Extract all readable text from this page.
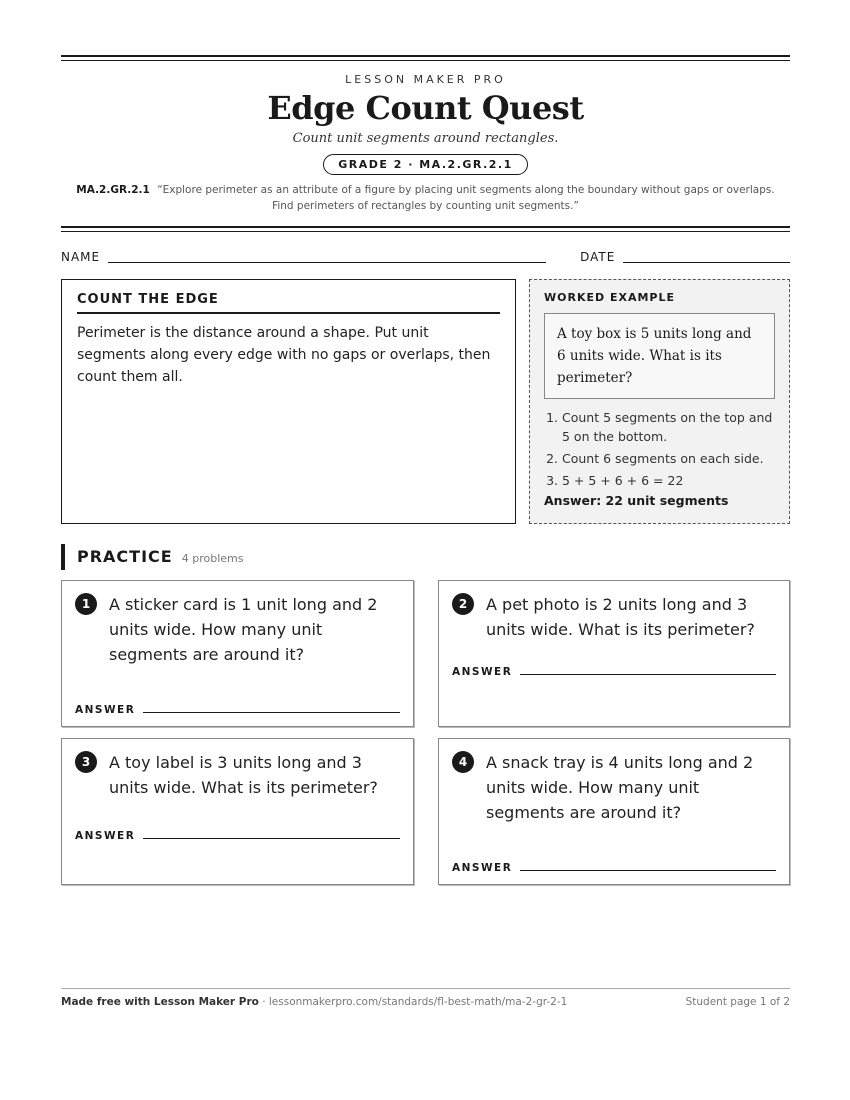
LESSON MAKER PRO
Edge Count Quest
Count unit segments around rectangles.
GRADE 2 · MA.2.GR.2.1
MA.2.GR.2.1 “Explore perimeter as an attribute of a figure by placing unit segments along the boundary without gaps or overlaps. Find perimeters of rectangles by counting unit segments.”
NAME	DATE
COUNT THE EDGE
Perimeter is the distance around a shape. Put unit segments along every edge with no gaps or overlaps, then count them all.
WORKED EXAMPLE
A toy box is 5 units long and 6 units wide. What is its perimeter?
1. Count 5 segments on the top and 5 on the bottom.
2. Count 6 segments on each side.
3. 5 + 5 + 6 + 6 = 22
Answer: 22 unit segments
PRACTICE 4 problems
1	A sticker card is 1 unit long and 2 units wide. How many unit segments are around it?
ANSWER
2	A pet photo is 2 units long and 3 units wide. What is its perimeter?
ANSWER
3	A toy label is 3 units long and 3 units wide. What is its perimeter?
ANSWER
4	A snack tray is 4 units long and 2 units wide. How many unit segments are around it?
ANSWER
Made free with Lesson Maker Pro · lessonmakerpro.com/standards/fl-best-math/ma-2-gr-2-1	Student page 1 of 2
